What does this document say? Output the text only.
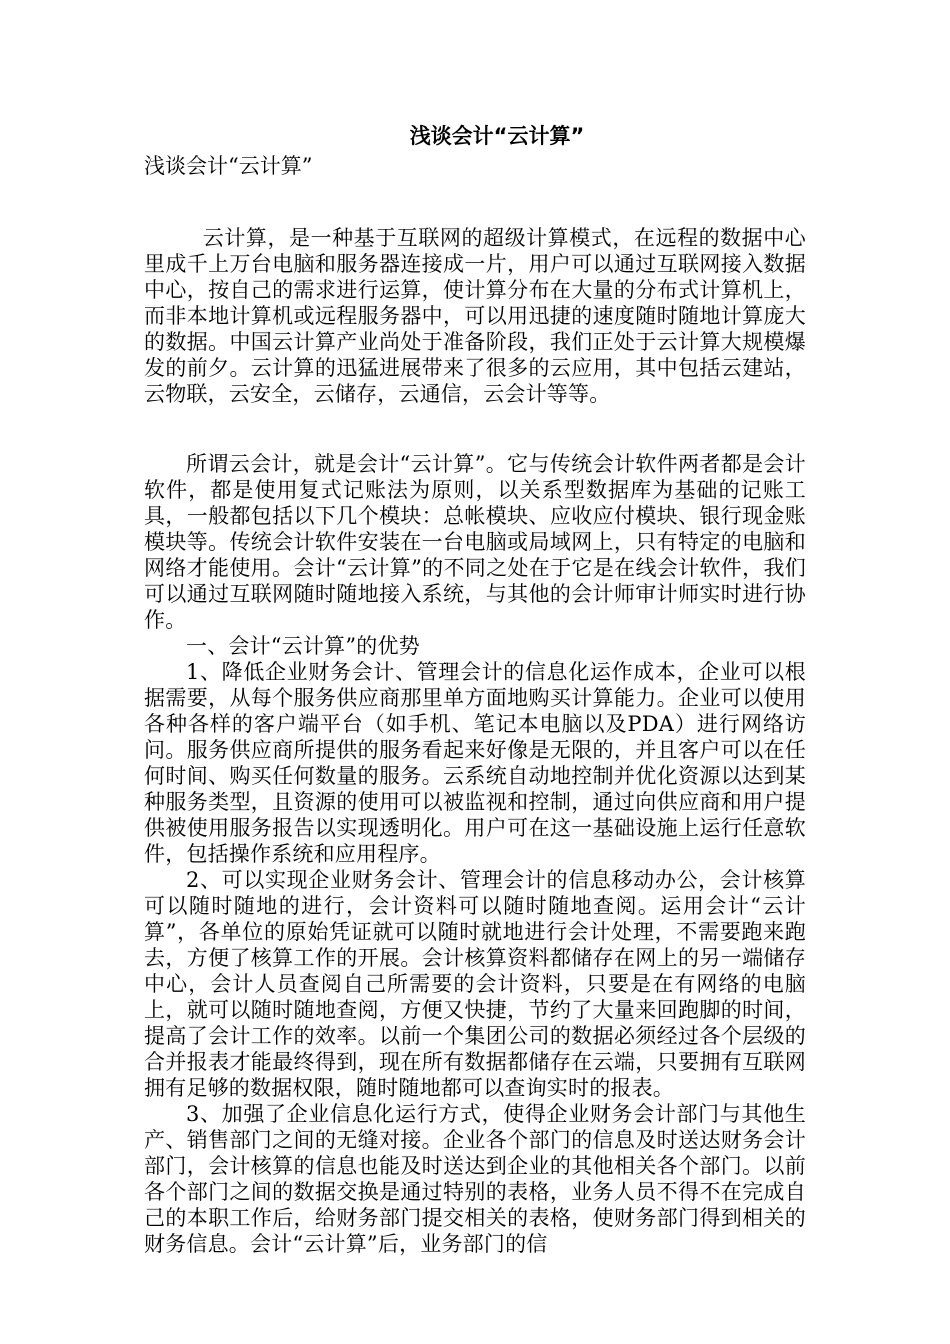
浅谈会计“云计算”
浅谈会计“云计算”

云计算，是一种基于互联网的超级计算模式，在远程的数据中心里成千上万台电脑和服务器连接成一片，用户可以通过互联网接入数据中心，按自己的需求进行运算，使计算分布在大量的分布式计算机上，而非本地计算机或远程服务器中，可以用迅捷的速度随时随地计算庞大的数据。中国云计算产业尚处于准备阶段，我们正处于云计算大规模爆发的前夕。云计算的迅猛进展带来了很多的云应用，其中包括云建站，云物联，云安全，云储存，云通信，云会计等等。

所谓云会计，就是会计“云计算”。它与传统会计软件两者都是会计软件，都是使用复式记账法为原则，以关系型数据库为基础的记账工具，一般都包括以下几个模块：总帐模块、应收应付模块、银行现金账模块等。传统会计软件安装在一台电脑或局域网上，只有特定的电脑和网络才能使用。会计“云计算”的不同之处在于它是在线会计软件，我们可以通过互联网随时随地接入系统，与其他的会计师审计师实时进行协作。

一、会计“云计算”的优势

1、降低企业财务会计、管理会计的信息化运作成本，企业可以根据需要，从每个服务供应商那里单方面地购买计算能力。企业可以使用各种各样的客户端平台（如手机、笔记本电脑以及PDA）进行网络访问。服务供应商所提供的服务看起来好像是无限的，并且客户可以在任何时间、购买任何数量的服务。云系统自动地控制并优化资源以达到某种服务类型，且资源的使用可以被监视和控制，通过向供应商和用户提供被使用服务报告以实现透明化。用户可在这一基础设施上运行任意软件，包括操作系统和应用程序。

2、可以实现企业财务会计、管理会计的信息移动办公，会计核算可以随时随地的进行，会计资料可以随时随地查阅。运用会计“云计算”，各单位的原始凭证就可以随时就地进行会计处理，不需要跑来跑去，方便了核算工作的开展。会计核算资料都储存在网上的另一端储存中心，会计人员查阅自己所需要的会计资料，只要是在有网络的电脑上，就可以随时随地查阅，方便又快捷，节约了大量来回跑脚的时间，提高了会计工作的效率。以前一个集团公司的数据必须经过各个层级的合并报表才能最终得到，现在所有数据都储存在云端，只要拥有互联网拥有足够的数据权限，随时随地都可以查询实时的报表。

3、加强了企业信息化运行方式，使得企业财务会计部门与其他生产、销售部门之间的无缝对接。企业各个部门的信息及时送达财务会计部门，会计核算的信息也能及时送达到企业的其他相关各个部门。以前各个部门之间的数据交换是通过特别的表格，业务人员不得不在完成自己的本职工作后，给财务部门提交相关的表格，使财务部门得到相关的财务信息。会计“云计算”后，业务部门的信
